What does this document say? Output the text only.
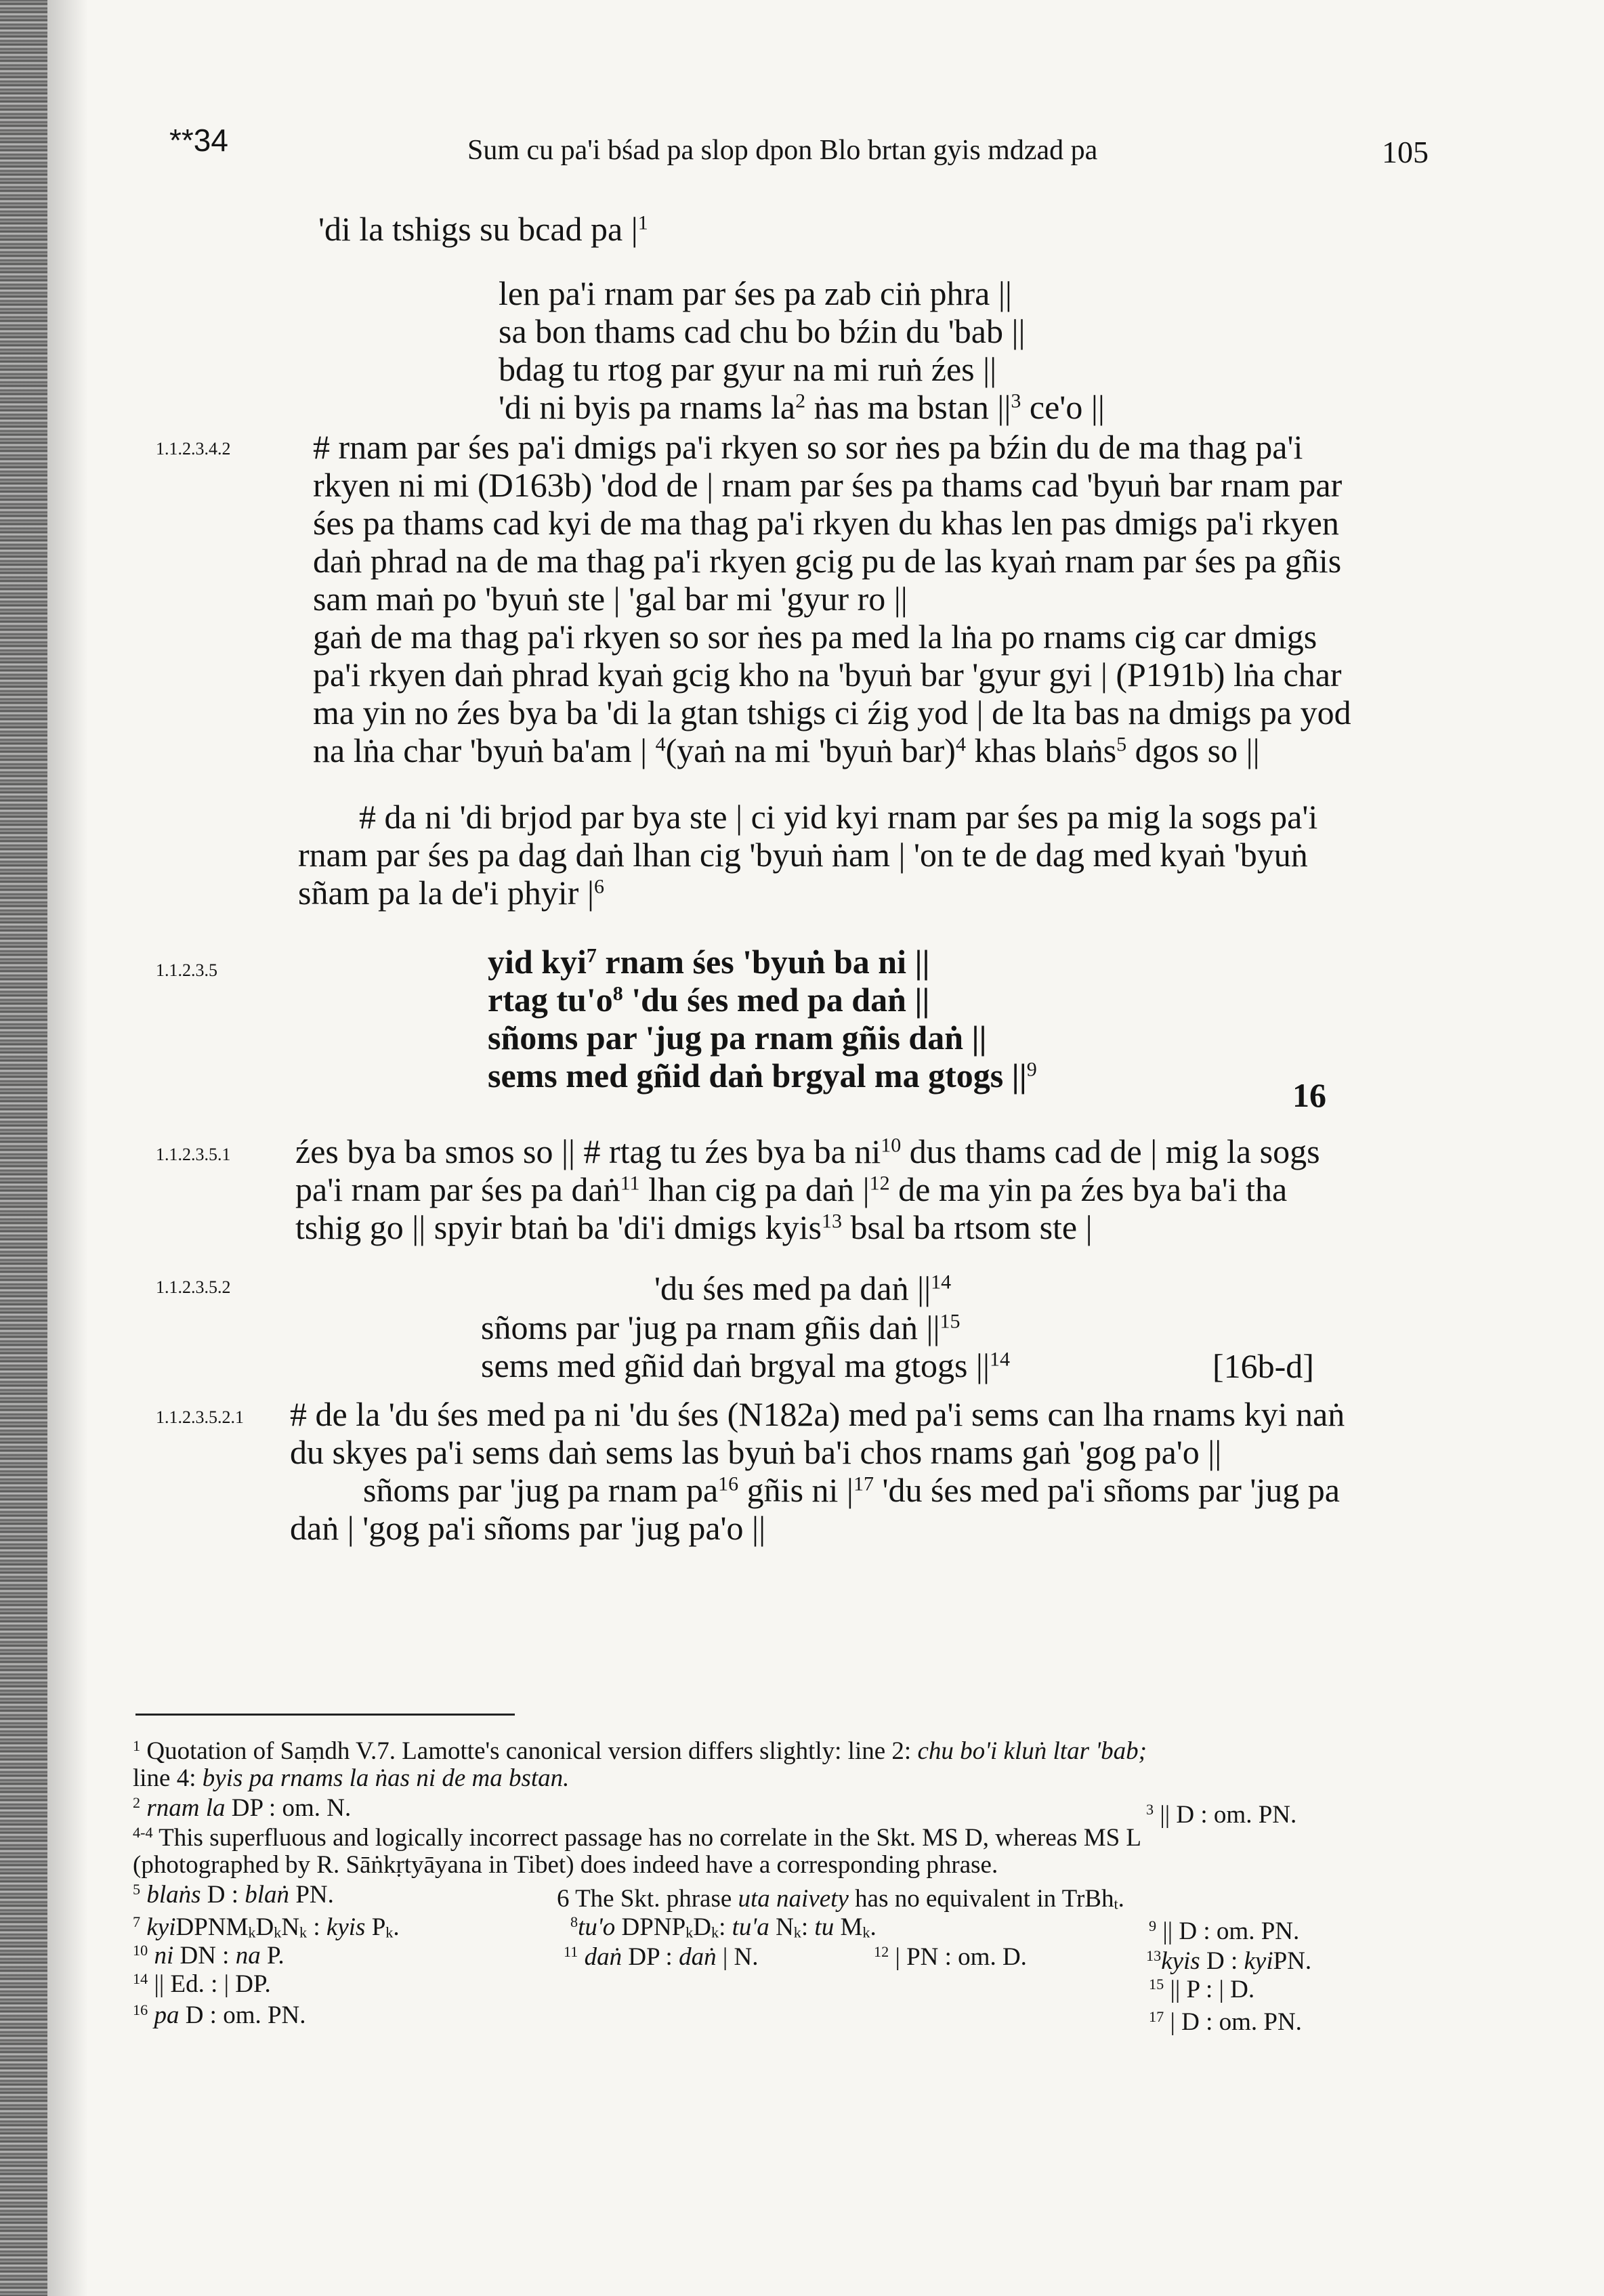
**34	Sum cu pa'i bśad pa slop dpon Blo brtan gyis mdzad pa	105
'di la tshigs su bcad pa $|^1$
len pa'i rnam par śes pa zab ciṅ phra ||
sa bon thams cad chu bo bźin du 'bab ||
bdag tu rtog par gyur na mi ruṅ źes ||
'di ni byis pa rnams $la^2$ ṅas ma bstan $||^3$ ce'o ||
1.1.2.3.4.2 # rnam par śes pa'i dmigs pa'i rkyen so sor ṅes pa bźin du de ma thag pa'i
rkyen ni mi (D163b) 'dod de | rnam par śes pa thams cad 'byuṅ bar rnam par
śes pa thams cad kyi de ma thag pa'i rkyen du khas len pas dmigs pa'i rkyen
daṅ phrad na de ma thag pa'i rkyen gcig pu de las kyaṅ rnam par śes pa gñis
sam maṅ po 'byuṅ ste | 'gal bar mi 'gyur ro ||
gaṅ de ma thag pa'i rkyen so sor ṅes pa med la lṅa po rnams cig car dmigs
pa'i rkyen daṅ phrad kyaṅ gcig kho na 'byuṅ bar 'gyur gyi | (P191b) lṅa char
ma yin no źes bya ba 'di la gtan tshigs ci źig yod | de lta bas na dmigs pa yod
na lṅa char 'byuṅ ba'am | $^4$(yaṅ na mi 'byuṅ bar)$^4$ khas blaṅs$^5$ dgos so ||
# da ni 'di brjod par bya ste | ci yid kyi rnam par śes pa mig la sogs pa'i
rnam par śes pa dag daṅ lhan cig 'byuṅ ṅam | 'on te de dag med kyaṅ 'byuṅ
sñam pa la de'i phyir $|^6$
1.1.2.3.5	yid kyi$^7$ rnam śes 'byuṅ ba ni ||
rtag $tu'o^8$ 'du śes med pa daṅ ||
sñoms par 'jug pa rnam gñis daṅ ||
sems med gñid daṅ brgyal ma gtogs $||^9$
16
1.1.2.3.5.1 źes bya ba smos so || # rtag tu źes bya ba $ni^{10}$ dus thams cad de | mig la sogs
pa'i rnam par śes pa daṅ$^{11}$ lhan cig pa daṅ $|^{12}$ de ma yin pa źes bya ba'i tha
tshig go || spyir btaṅ ba 'di'i dmigs kyis$^{13}$ bsal ba rtsom ste |
1.1.2.3.5.2	'du śes med pa daṅ $||^{14}$
sñoms par 'jug pa rnam gñis daṅ $||^{15}$
sems med gñid daṅ brgyal ma gtogs $||^{14}$	[16b-d]
1.1.2.3.5.2.1 # de la 'du śes med pa ni 'du śes (N182a) med pa'i sems can lha rnams kyi naṅ
du skyes pa'i sems daṅ sems las byuṅ ba'i chos rnams gaṅ 'gog pa'o ||
sñoms par 'jug pa rnam $pa^{16}$ gñis ni $|^{17}$ 'du śes med pa'i sñoms par 'jug pa
daṅ | 'gog pa'i sñoms par 'jug pa'o ||
$^1$ Quotation of Saṃdh V.7. Lamotte's canonical version differs slightly: line 2: chu bo'i kluṅ ltar 'bab;
line 4: byis pa rnams la ṅas ni de ma bstan.
$^2$ rnam la DP : om. N.	$^3$ || D : om. PN.
$^{4-4}$ This superfluous and logically incorrect passage has no correlate in the Skt. MS D, whereas MS L
(photographed by R. Sāṅkṛtyāyana in Tibet) does indeed have a corresponding phrase.
$^5$ blaṅs D : blaṅ PN.	6 The Skt. phrase uta naivety has no equivalent in TrBh$_t$.
$^7$ $kyiDPNM_kD_kN_k$ : kyis $P_k$.	$^8$tu'o $DPNP_kD_k$: tu'a $N_k$: tu $M_k$.	$^9$ || D : om. PN.
$^{10}$ ni DN : na P.	$^{11}$ daṅ DP : daṅ | N.	$^{12}$ | PN : om. D.	$^{13}$kyis D : kyiPN.
$^{14}$ || Ed. : | DP.	$^{15}$ || P : | D.
$^{16}$ pa D : om. PN.	$^{17}$ | D : om. PN.
